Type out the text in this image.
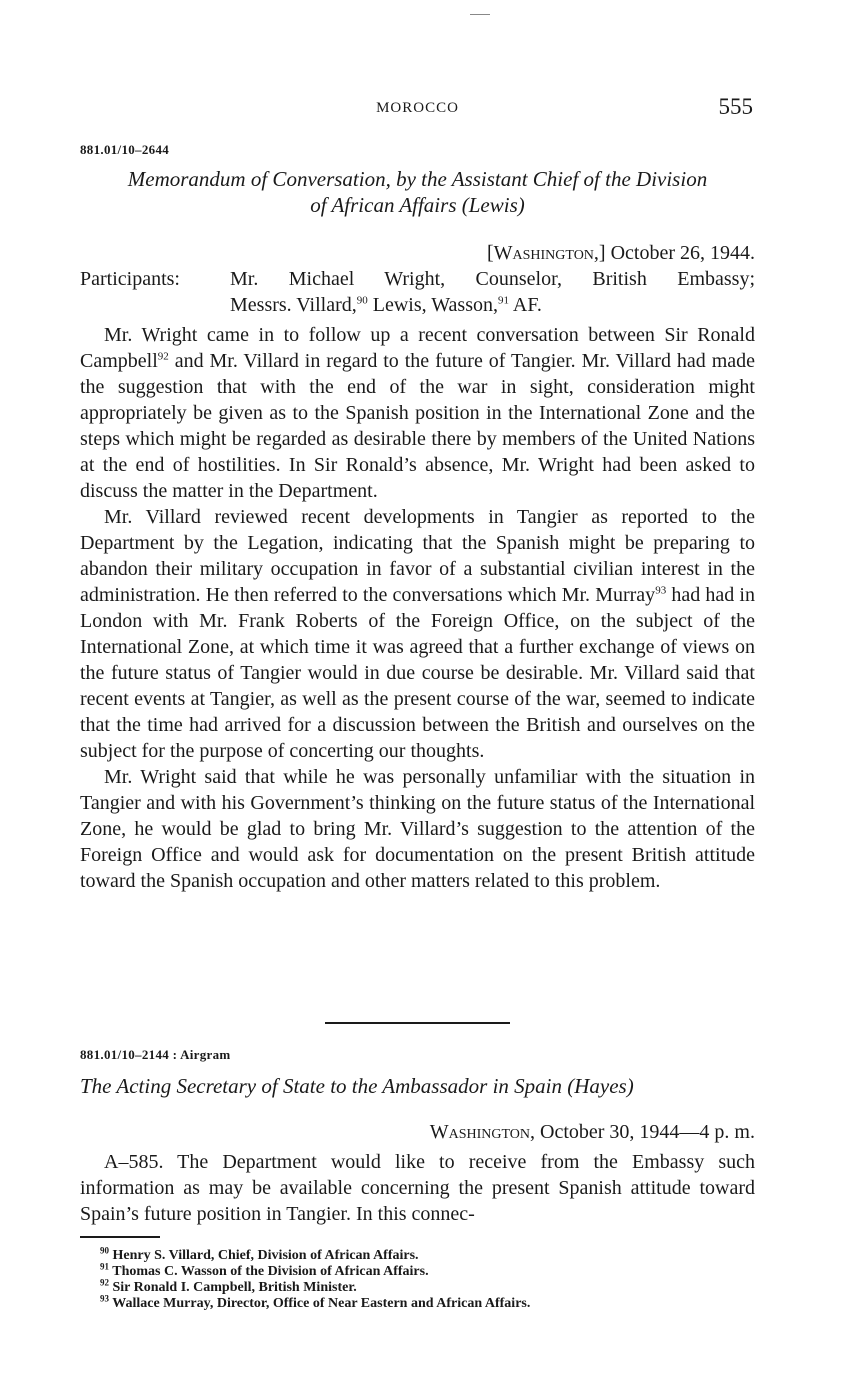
MOROCCO	555
881.01/10–2644

Memorandum of Conversation, by the Assistant Chief of the Division

of African Affairs (Lewis)

[Washington,] October 26, 1944.
Participants:	Mr. Michael Wright, Counselor, British Embassy;
Messrs. Villard,$^{90}$ Lewis, Wasson,$^{91}$ AF.

Mr. Wright came in to follow up a recent conversation between Sir Ronald Campbell$^{92}$ and Mr. Villard in regard to the future of Tangier. Mr. Villard had made the suggestion that with the end of the war in sight, consideration might appropriately be given as to the Spanish position in the International Zone and the steps which might be regarded as desirable there by members of the United Nations at the end of hostilities. In Sir Ronald’s absence, Mr. Wright had been asked to discuss the matter in the Department.

Mr. Villard reviewed recent developments in Tangier as reported to the Department by the Legation, indicating that the Spanish might be preparing to abandon their military occupation in favor of a substantial civilian interest in the administration. He then referred to the conversations which Mr. Murray$^{93}$ had had in London with Mr. Frank Roberts of the Foreign Office, on the subject of the International Zone, at which time it was agreed that a further exchange of views on the future status of Tangier would in due course be desirable. Mr. Villard said that recent events at Tangier, as well as the present course of the war, seemed to indicate that the time had arrived for a discussion between the British and ourselves on the subject for the purpose of concerting our thoughts.

Mr. Wright said that while he was personally unfamiliar with the situation in Tangier and with his Government’s thinking on the future status of the International Zone, he would be glad to bring Mr. Villard’s suggestion to the attention of the Foreign Office and would ask for documentation on the present British attitude toward the Spanish occupation and other matters related to this problem.

881.01/10–2144 : Airgram

The Acting Secretary of State to the Ambassador in Spain (Hayes)

Washington, October 30, 1944—4 p. m.

A–585. The Department would like to receive from the Embassy such information as may be available concerning the present Spanish attitude toward Spain’s future position in Tangier. In this connec-

$^{90}$ Henry S. Villard, Chief, Division of African Affairs.
$^{91}$ Thomas C. Wasson of the Division of African Affairs.
$^{92}$ Sir Ronald I. Campbell, British Minister.
$^{93}$ Wallace Murray, Director, Office of Near Eastern and African Affairs.
